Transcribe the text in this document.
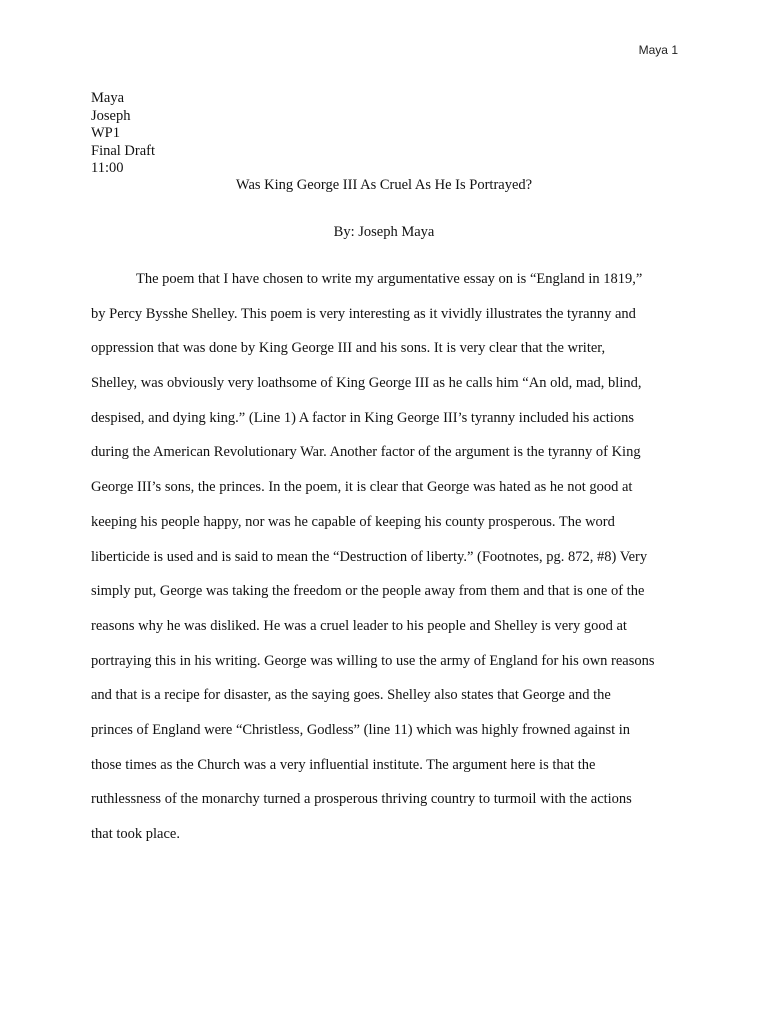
Maya 1
Maya
Joseph
WP1
Final Draft
11:00
Was King George III As Cruel As He Is Portrayed?
By: Joseph Maya
The poem that I have chosen to write my argumentative essay on is “England in 1819,”
by Percy Bysshe Shelley. This poem is very interesting as it vividly illustrates the tyranny and
oppression that was done by King George III and his sons. It is very clear that the writer,
Shelley, was obviously very loathsome of King George III as he calls him “An old, mad, blind,
despised, and dying king.” (Line 1) A factor in King George III’s tyranny included his actions
during the American Revolutionary War. Another factor of the argument is the tyranny of King
George III’s sons, the princes. In the poem, it is clear that George was hated as he not good at
keeping his people happy, nor was he capable of keeping his county prosperous. The word
liberticide is used and is said to mean the “Destruction of liberty.” (Footnotes, pg. 872, #8) Very
simply put, George was taking the freedom or the people away from them and that is one of the
reasons why he was disliked. He was a cruel leader to his people and Shelley is very good at
portraying this in his writing. George was willing to use the army of England for his own reasons
and that is a recipe for disaster, as the saying goes. Shelley also states that George and the
princes of England were “Christless, Godless” (line 11) which was highly frowned against in
those times as the Church was a very influential institute. The argument here is that the
ruthlessness of the monarchy turned a prosperous thriving country to turmoil with the actions
that took place.
